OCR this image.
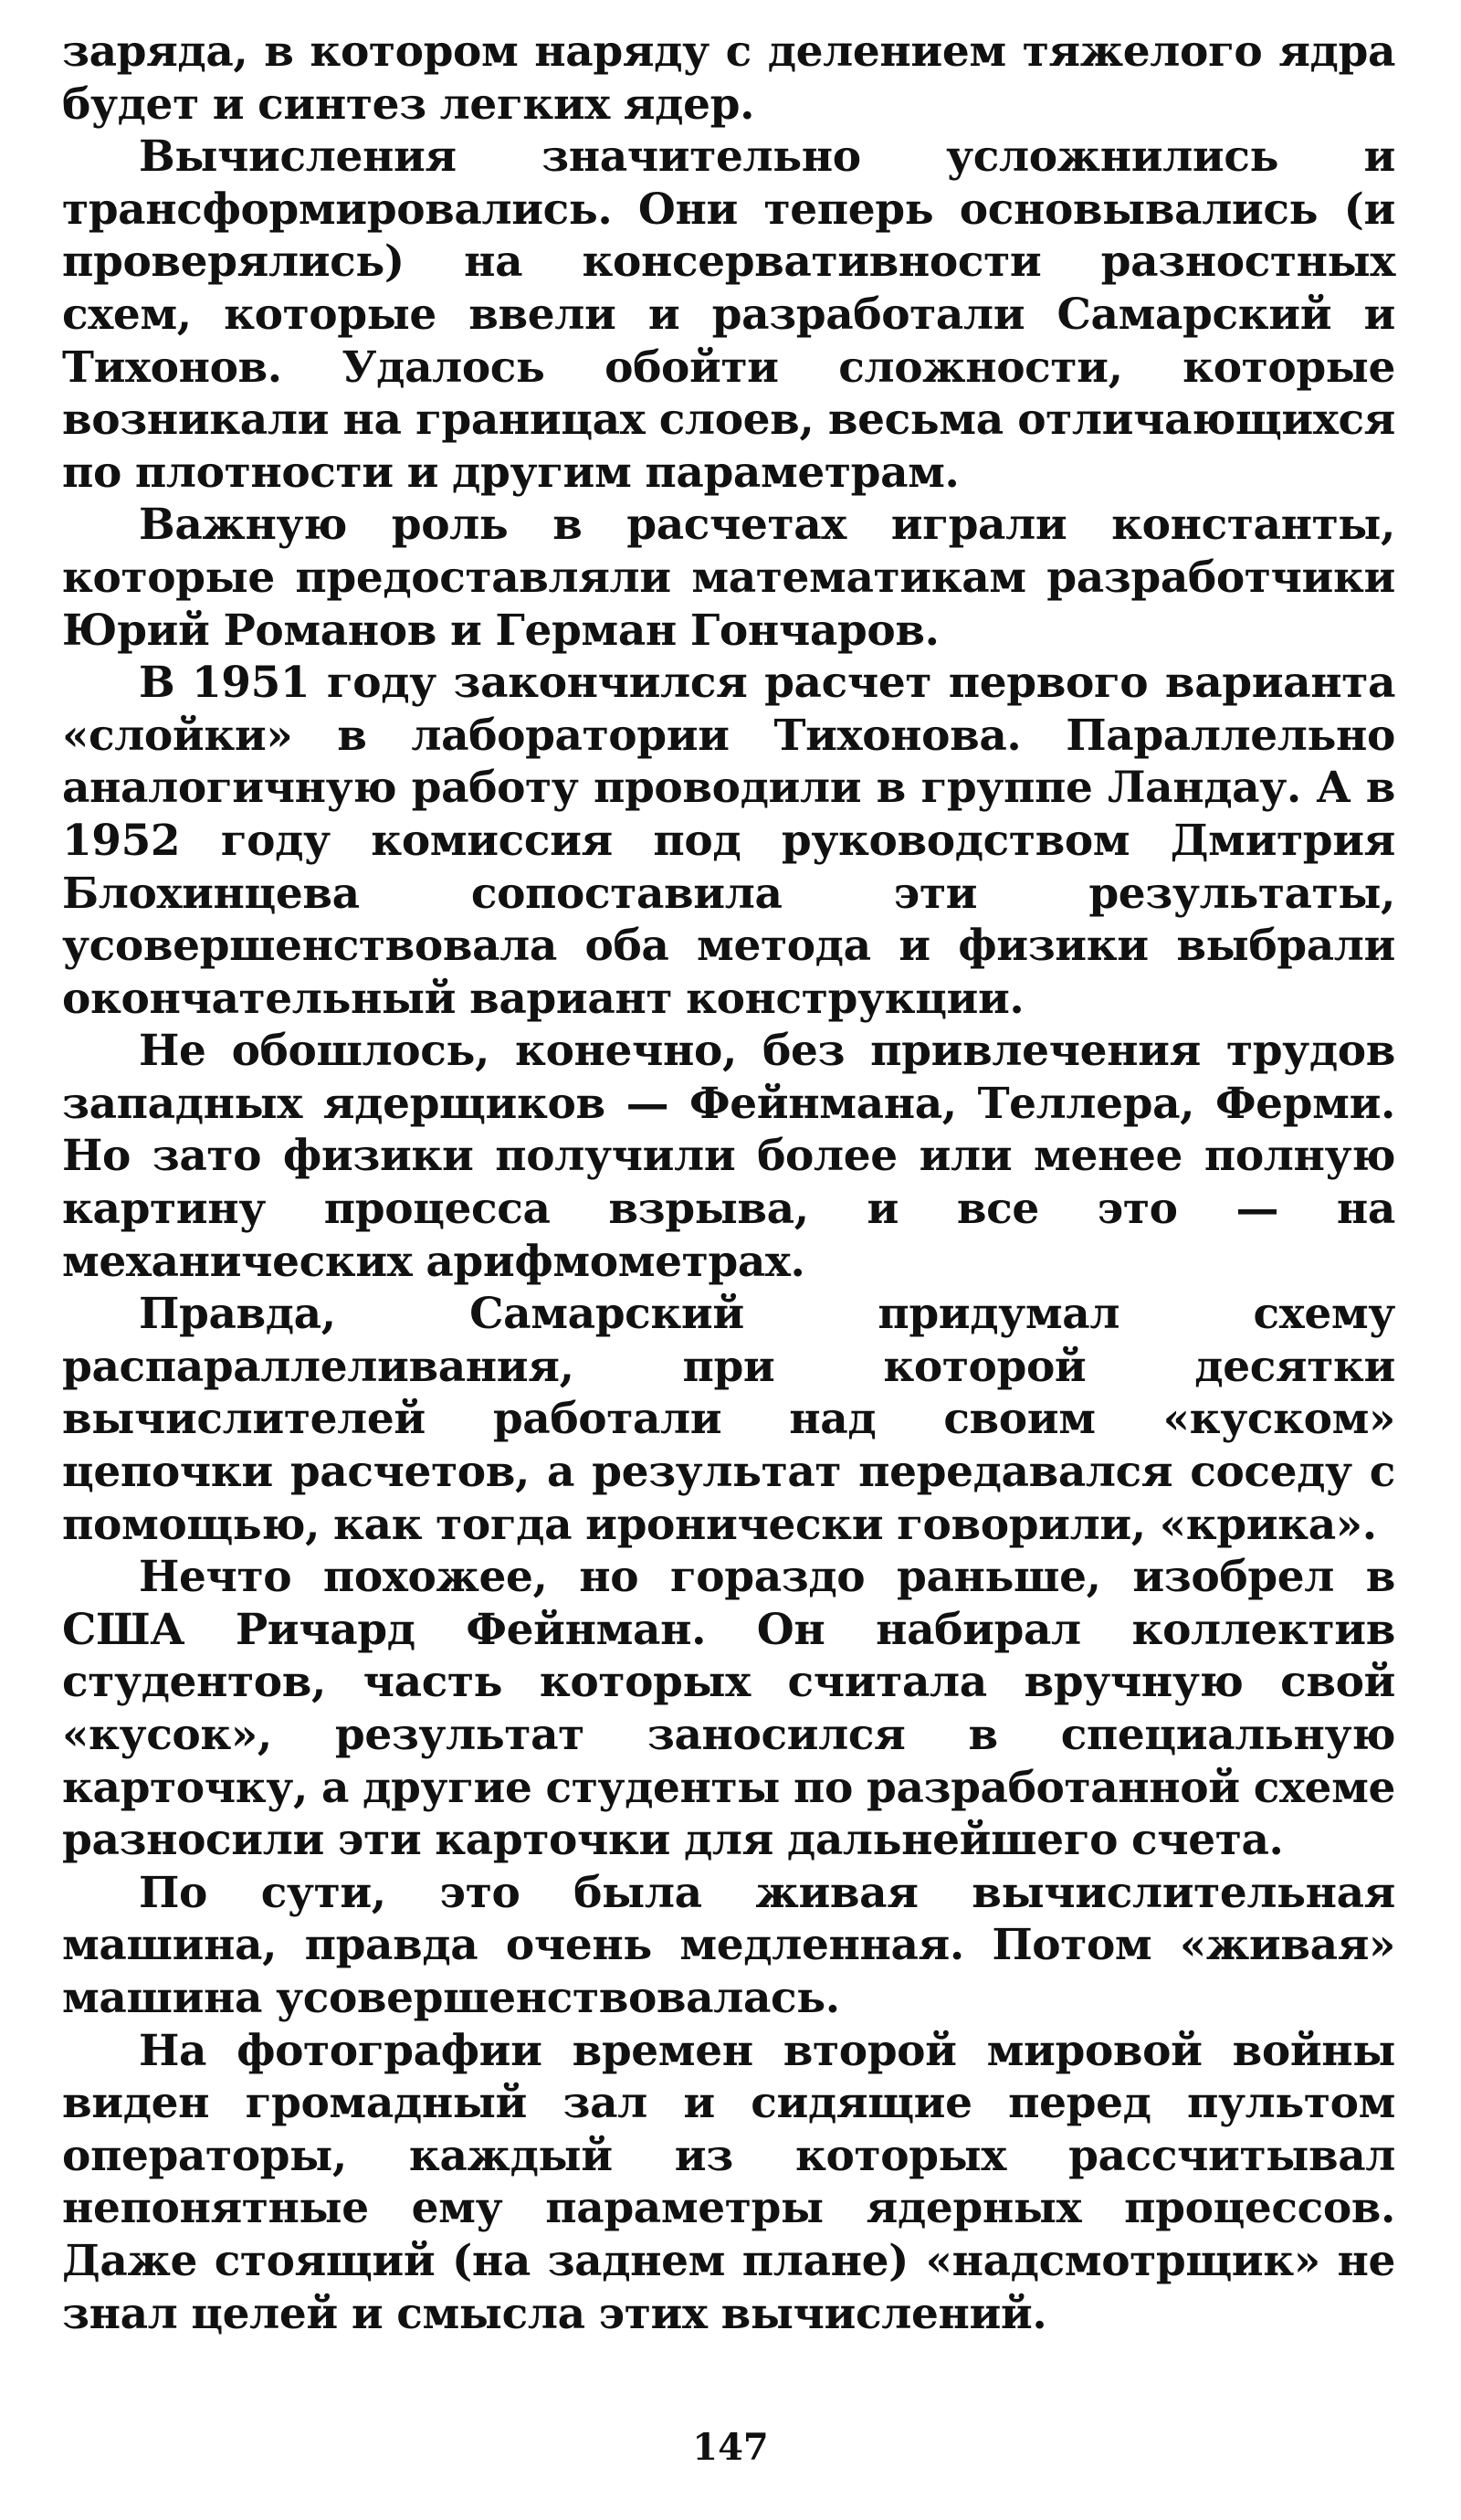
заряда, в котором наряду с делением тяжелого ядра будет и синтез легких ядер.

Вычисления значительно усложнились и трансформировались. Они теперь основывались (и проверялись) на консервативности разностных схем, которые ввели и разработали Самарский и Тихонов. Удалось обойти сложности, которые возникали на границах слоев, весьма отличающихся по плотности и другим параметрам.

Важную роль в расчетах играли константы, которые предоставляли математикам разработчики Юрий Романов и Герман Гончаров.

В 1951 году закончился расчет первого варианта «слойки» в лаборатории Тихонова. Параллельно аналогичную работу проводили в группе Ландау. А в 1952 году комиссия под руководством Дмитрия Блохинцева сопоставила эти результаты, усовершенствовала оба метода и физики выбрали окончательный вариант конструкции.

Не обошлось, конечно, без привлечения трудов западных ядерщиков — Фейнмана, Теллера, Ферми. Но зато физики получили более или менее полную картину процесса взрыва, и все это — на механических арифмометрах.

Правда, Самарский придумал схему распараллеливания, при которой десятки вычислителей работали над своим «куском» цепочки расчетов, а результат передавался соседу с помощью, как тогда иронически говорили, «крика».

Нечто похожее, но гораздо раньше, изобрел в США Ричард Фейнман. Он набирал коллектив студентов, часть которых считала вручную свой «кусок», результат заносился в специальную карточку, а другие студенты по разработанной схеме разносили эти карточки для дальнейшего счета.

По сути, это была живая вычислительная машина, правда очень медленная. Потом «живая» машина усовершенствовалась.

На фотографии времен второй мировой войны виден громадный зал и сидящие перед пультом операторы, каждый из которых рассчитывал непонятные ему параметры ядерных процессов. Даже стоящий (на заднем плане) «надсмотрщик» не знал целей и смысла этих вычислений.

147
